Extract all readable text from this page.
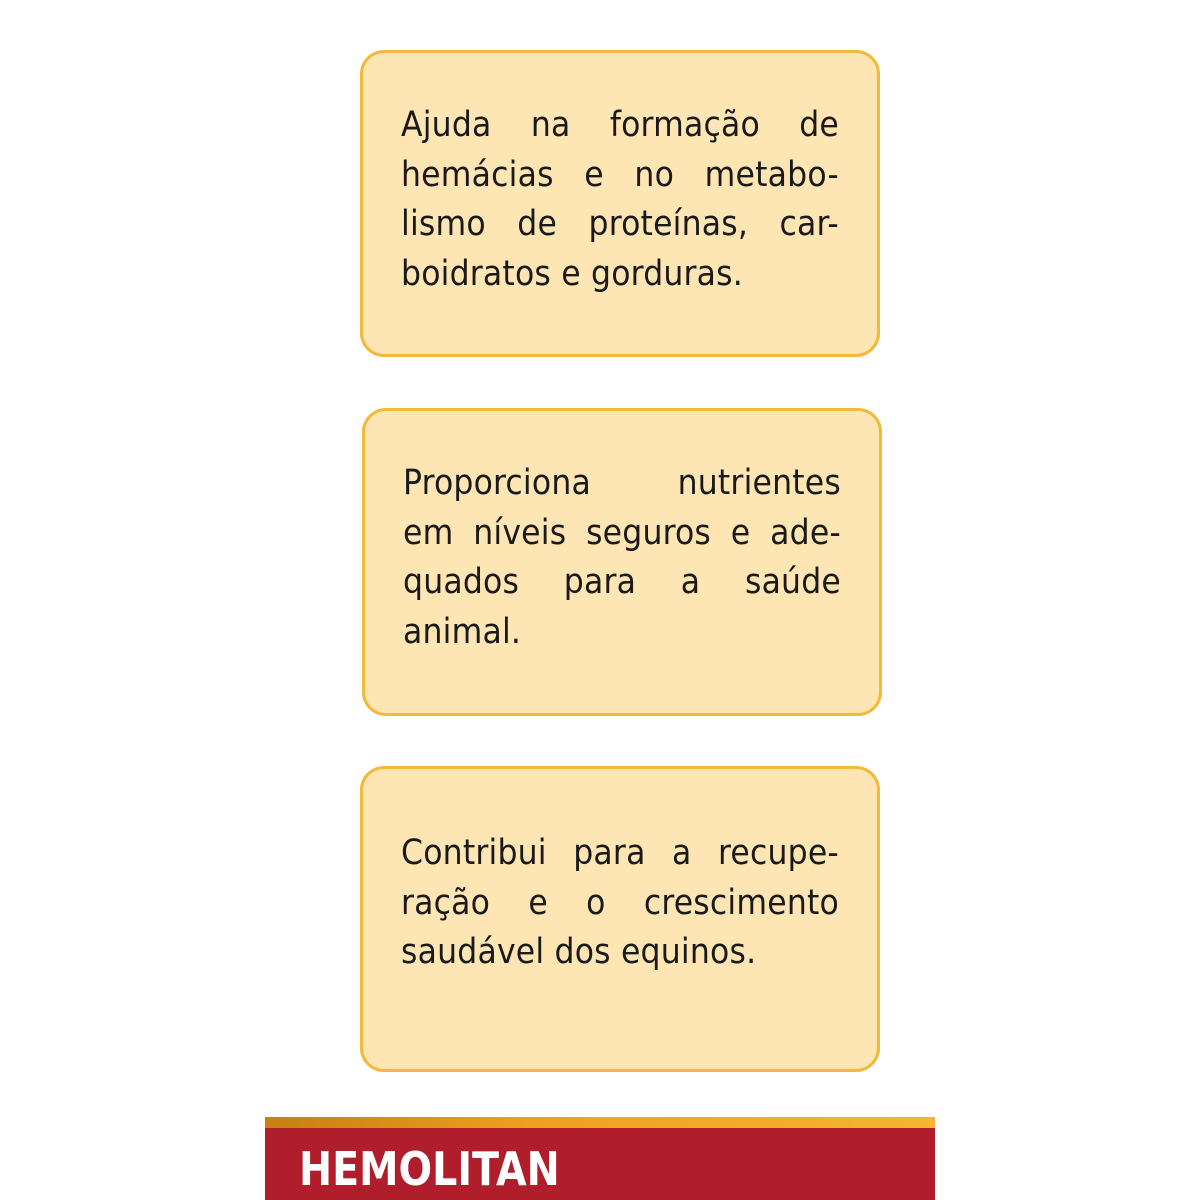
Ajuda na formação de
hemácias e no metabo-
lismo de proteínas, car-
boidratos e gorduras.
Proporciona nutrientes
em níveis seguros e ade-
quados para a saúde
animal.
Contribui para a recupe-
ração e o crescimento
saudável dos equinos.
HEMOLITAN
